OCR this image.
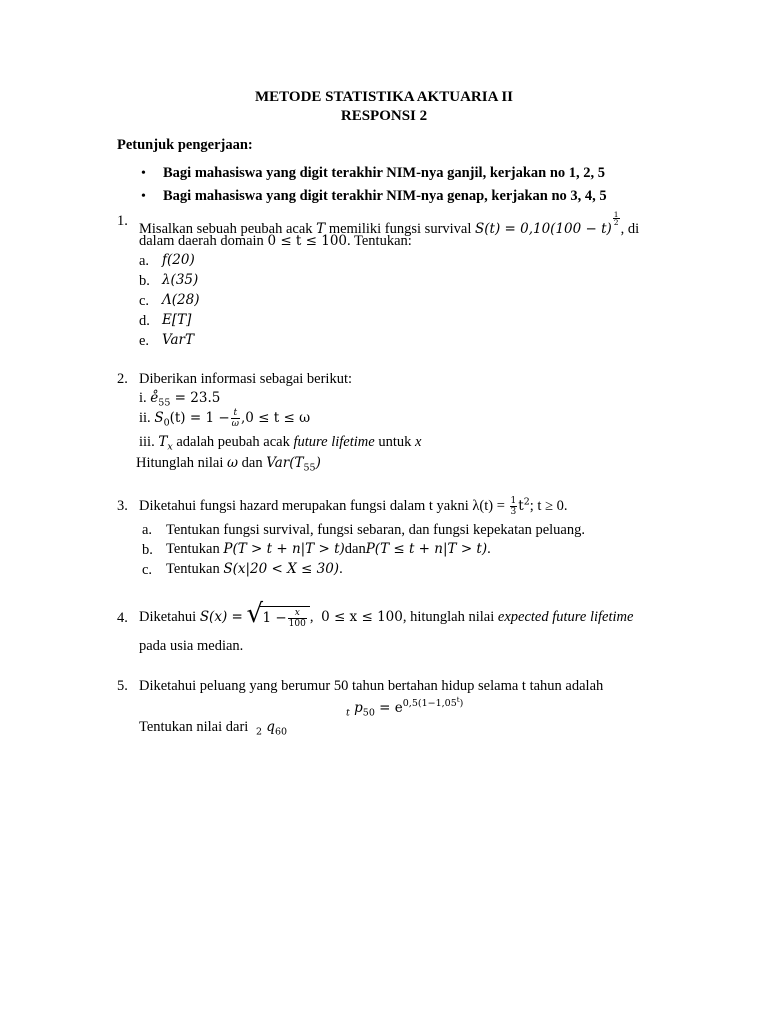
METODE STATISTIKA AKTUARIA II
RESPONSI 2
Petunjuk pengerjaan:
• Bagi mahasiswa yang digit terakhir NIM-nya ganjil, kerjakan no 1, 2, 5
• Bagi mahasiswa yang digit terakhir NIM-nya genap, kerjakan no 3, 4, 5
1. Misalkan sebuah peubah acak T memiliki fungsi survival S(t) = 0,10(100 − t)
$\frac{1}{2}$
, di
dalam daerah domain 0 ≤ t ≤ 100. Tentukan:
a. f(20)
b. λ(35)
c. Λ(28)
d. E[T]
e. VarT
2. Diberikan informasi sebagai berikut:
i. $e̊_{55} = 23.5$
ii. $S_0(t) = 1 - \frac{t}{\omega} ,0 \le t \le \omega$
iii. $T_x$ adalah peubah acak future lifetime untuk x
Hitunglah nilai ω dan $Var(T_{55})$
3. Diketahui fungsi hazard merupakan fungsi dalam t yakni $\lambda(t) = \frac{1}{3} t^2$; t ≥ 0.
a. Tentukan fungsi survival, fungsi sebaran, dan fungsi kepekatan peluang.
b. Tentukan P(T > t + n|T > t)danP(T ≤ t + n|T > t).
c. Tentukan S(x|20 < X ≤ 30).
4. Diketahui S(x) = √ $1 - \frac{x}{100}$ , 0 ≤ x ≤ 100, hitunglah nilai expected future lifetime
pada usia median.
5. Diketahui peluang yang berumur 50 tahun bertahan hidup selama t tahun adalah
$_t$ $p_{50} = e^{0,5(1-1,05^t)}$
Tentukan nilai dari $_2$ $q_{60}$
